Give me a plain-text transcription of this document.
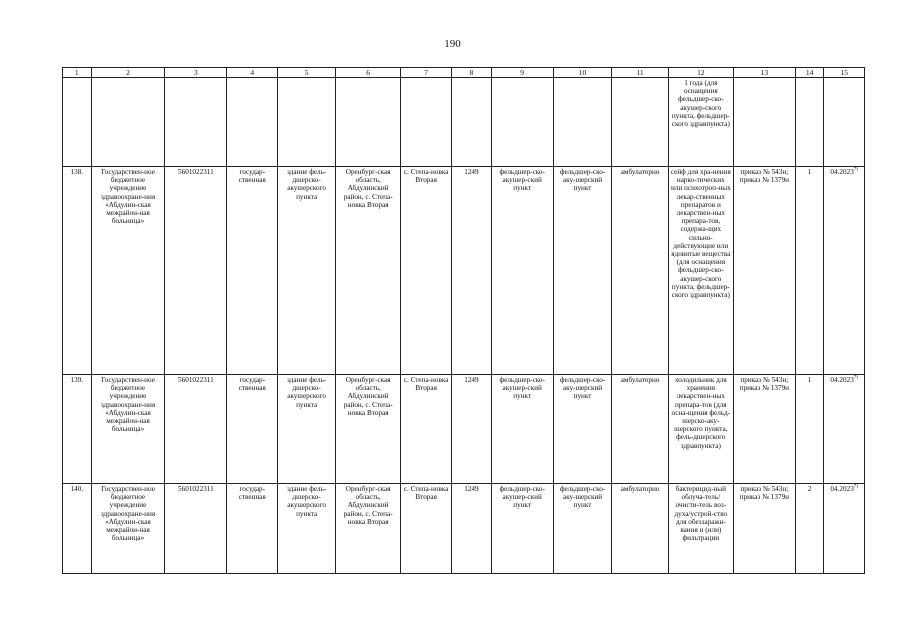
190
1	2	3	4	5	6	7	8	9	10	11	12	13	14	15
											1 года (для оснащения фельдшер-ско-акушер-ского пункта, фельдшер-ского здравпункта)			
138.	Государствен-ное бюджетное учреждение здравоохране-ния «Абдулин-ская межрайон-ная больница»	5601022311	государ-ственная	здание фель-дшерско-акушерского пункта	Оренбург-ская область, Абдулинский район, с. Степа-новка Вторая	с. Степа-новка Вторая	1249	фельдшер-ско-акушер-ский пункт	фельдшер-ско-аку-шерский пункт	амбулаторно	сейф для хра-нения нарко-тических или психотроп-ных лекар-ственных препаратов и лекарствен-ных препара-тов, содержа-щих сильно-действующие или ядовитые вещества (для оснащения фельдшер-ско-акушер-ского пункта, фельдшер-ского здравпункта)	приказ № 543н; приказ № 1379н	1	04.2023$^{7)}$
139.	Государствен-ное бюджетное учреждение здравоохране-ния «Абдулин-ская межрайон-ная больница»	5601022311	государ-ственная	здание фель-дшерско-акушерского пункта	Оренбург-ская область, Абдулинский район, с. Степа-новка Вторая	с. Степа-новка Вторая	1249	фельдшер-ско-акушер-ский пункт	фельдшер-ско-аку-шерский пункт	амбулаторно	холодильник для хранения лекарствен-ных препара-тов (для осна-щения фельд-шерско-аку-шерского пункта, фель-дшерского здравпункта)	приказ № 543н; приказ № 1379н	1	04.2023$^{7)}$
140.	Государствен-ное бюджетное учреждение здравоохране-ния «Абдулин-ская межрайон-ная больница»	5601022311	государ-ственная	здание фель-дшерско-акушерского пункта	Оренбург-ская область, Абдулинский район, с. Степа-новка Вторая	с. Степа-новка Вторая	1249	фельдшер-ско-акушер-ский пункт	фельдшер-ско-аку-шерский пункт	амбулаторно	бактерицид-ный облуча-тель/очисти-тель воз-духа/устрой-ство для обеззаражи-вания и (или) фильтрации	приказ № 543н; приказ № 1379н	2	04.2023$^{7)}$
